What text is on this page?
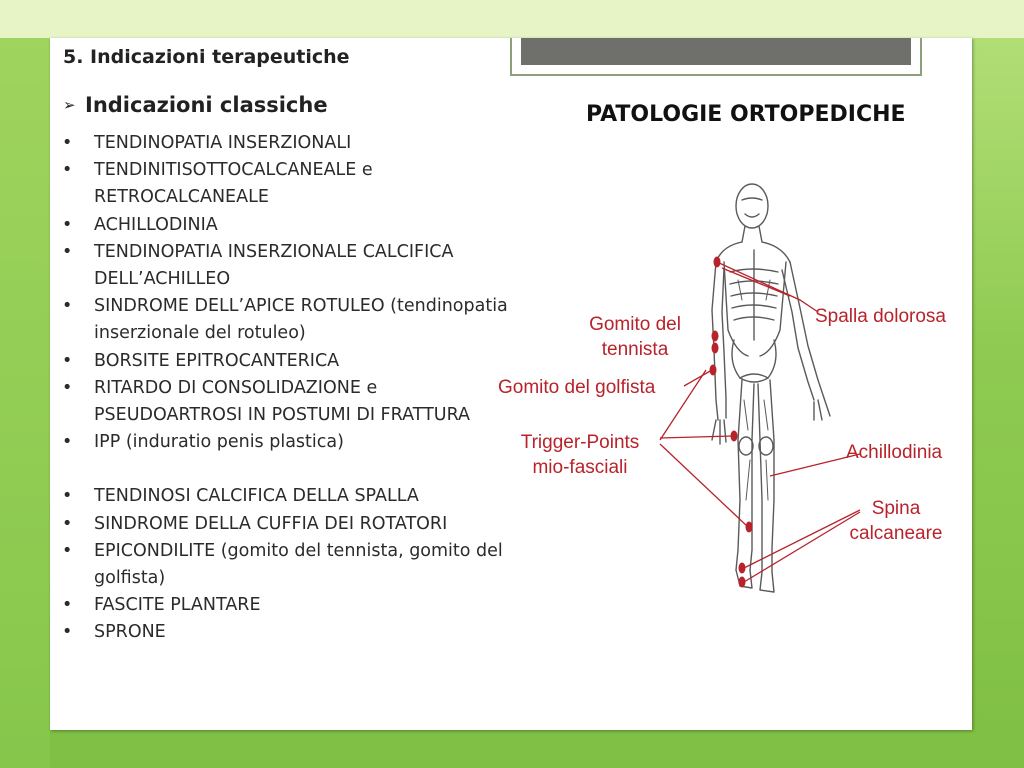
5. Indicazioni terapeutiche
➢ Indicazioni classiche
• TENDINOPATIA INSERZIONALI
• TENDINITISOTTOCALCANEALE e RETROCALCANEALE
• ACHILLODINIA
• TENDINOPATIA INSERZIONALE CALCIFICA DELL’ACHILLEO
• SINDROME DELL’APICE ROTULEO (tendinopatia inserzionale del rotuleo)
• BORSITE EPITROCANTERICA
• RITARDO DI CONSOLIDAZIONE e PSEUDOARTROSI IN POSTUMI DI FRATTURA
• IPP (induratio penis plastica)
• TENDINOSI CALCIFICA DELLA SPALLA
• SINDROME DELLA CUFFIA DEI ROTATORI
• EPICONDILITE (gomito del tennista, gomito del golfista)
• FASCITE PLANTARE
• SPRONE
PATOLOGIE ORTOPEDICHE
Gomito del
tennista
Gomito del golfista
Trigger-Points
mio-fasciali
Spalla dolorosa
Achillodinia
Spina
calcaneare
